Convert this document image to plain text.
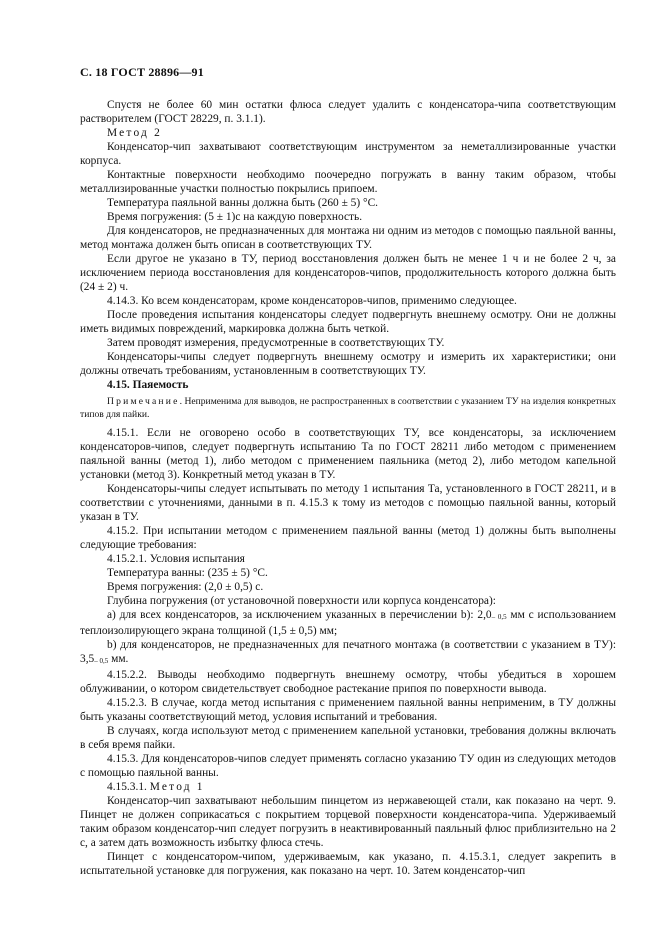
С. 18 ГОСТ 28896—91

Спустя не более 60 мин остатки флюса следует удалить с конденсатора-чипа соответствующим растворителем (ГОСТ 28229, п. 3.1.1).

Метод 2

Конденсатор-чип захватывают соответствующим инструментом за неметаллизированные участки корпуса.

Контактные поверхности необходимо поочередно погружать в ванну таким образом, чтобы металлизированные участки полностью покрылись припоем.

Температура паяльной ванны должна быть (260 ± 5) °С.

Время погружения: (5 ± 1)с на каждую поверхность.

Для конденсаторов, не предназначенных для монтажа ни одним из методов с помощью паяльной ванны, метод монтажа должен быть описан в соответствующих ТУ.

Если другое не указано в ТУ, период восстановления должен быть не менее 1 ч и не более 2 ч, за исключением периода восстановления для конденсаторов-чипов, продолжительность которого должна быть (24 ± 2) ч.

4.14.3. Ко всем конденсаторам, кроме конденсаторов-чипов, применимо следующее.

После проведения испытания конденсаторы следует подвергнуть внешнему осмотру. Они не должны иметь видимых повреждений, маркировка должна быть четкой.

Затем проводят измерения, предусмотренные в соответствующих ТУ.

Конденсаторы-чипы следует подвергнуть внешнему осмотру и измерить их характеристики; они должны отвечать требованиям, установленным в соответствующих ТУ.

4.15. Паяемость

Примечание. Неприменима для выводов, не распространенных в соответствии с указанием ТУ на изделия конкретных типов для пайки.

4.15.1. Если не оговорено особо в соответствующих ТУ, все конденсаторы, за исключением конденсаторов-чипов, следует подвергнуть испытанию Та по ГОСТ 28211 либо методом с применением паяльной ванны (метод 1), либо методом с применением паяльника (метод 2), либо методом капельной установки (метод 3). Конкретный метод указан в ТУ.

Конденсаторы-чипы следует испытывать по методу 1 испытания Та, установленного в ГОСТ 28211, и в соответствии с уточнениями, данными в п. 4.15.3 к тому из методов с помощью паяльной ванны, который указан в ТУ.

4.15.2. При испытании методом с применением паяльной ванны (метод 1) должны быть выполнены следующие требования:

4.15.2.1. Условия испытания

Температура ванны: (235 ± 5) °С.

Время погружения: (2,0 ± 0,5) с.

Глубина погружения (от установочной поверхности или корпуса конденсатора):

а) для всех конденсаторов, за исключением указанных в перечислении b): 2,0– 0,5 мм с использованием теплоизолирующего экрана толщиной (1,5 ± 0,5) мм;

b) для конденсаторов, не предназначенных для печатного монтажа (в соответствии с указанием в ТУ): 3,5– 0,5 мм.

4.15.2.2. Выводы необходимо подвергнуть внешнему осмотру, чтобы убедиться в хорошем облуживании, о котором свидетельствует свободное растекание припоя по поверхности вывода.

4.15.2.3. В случае, когда метод испытания с применением паяльной ванны неприменим, в ТУ должны быть указаны соответствующий метод, условия испытаний и требования.

В случаях, когда используют метод с применением капельной установки, требования должны включать в себя время пайки.

4.15.3. Для конденсаторов-чипов следует применять согласно указанию ТУ один из следующих методов с помощью паяльной ванны.

4.15.3.1. Метод 1

Конденсатор-чип захватывают небольшим пинцетом из нержавеющей стали, как показано на черт. 9. Пинцет не должен соприкасаться с покрытием торцевой поверхности конденсатора-чипа. Удерживаемый таким образом конденсатор-чип следует погрузить в неактивированный паяльный флюс приблизительно на 2 с, а затем дать возможность избытку флюса стечь.

Пинцет с конденсатором-чипом, удерживаемым, как указано, п. 4.15.3.1, следует закрепить в испытательной установке для погружения, как показано на черт. 10. Затем конденсатор-чип
